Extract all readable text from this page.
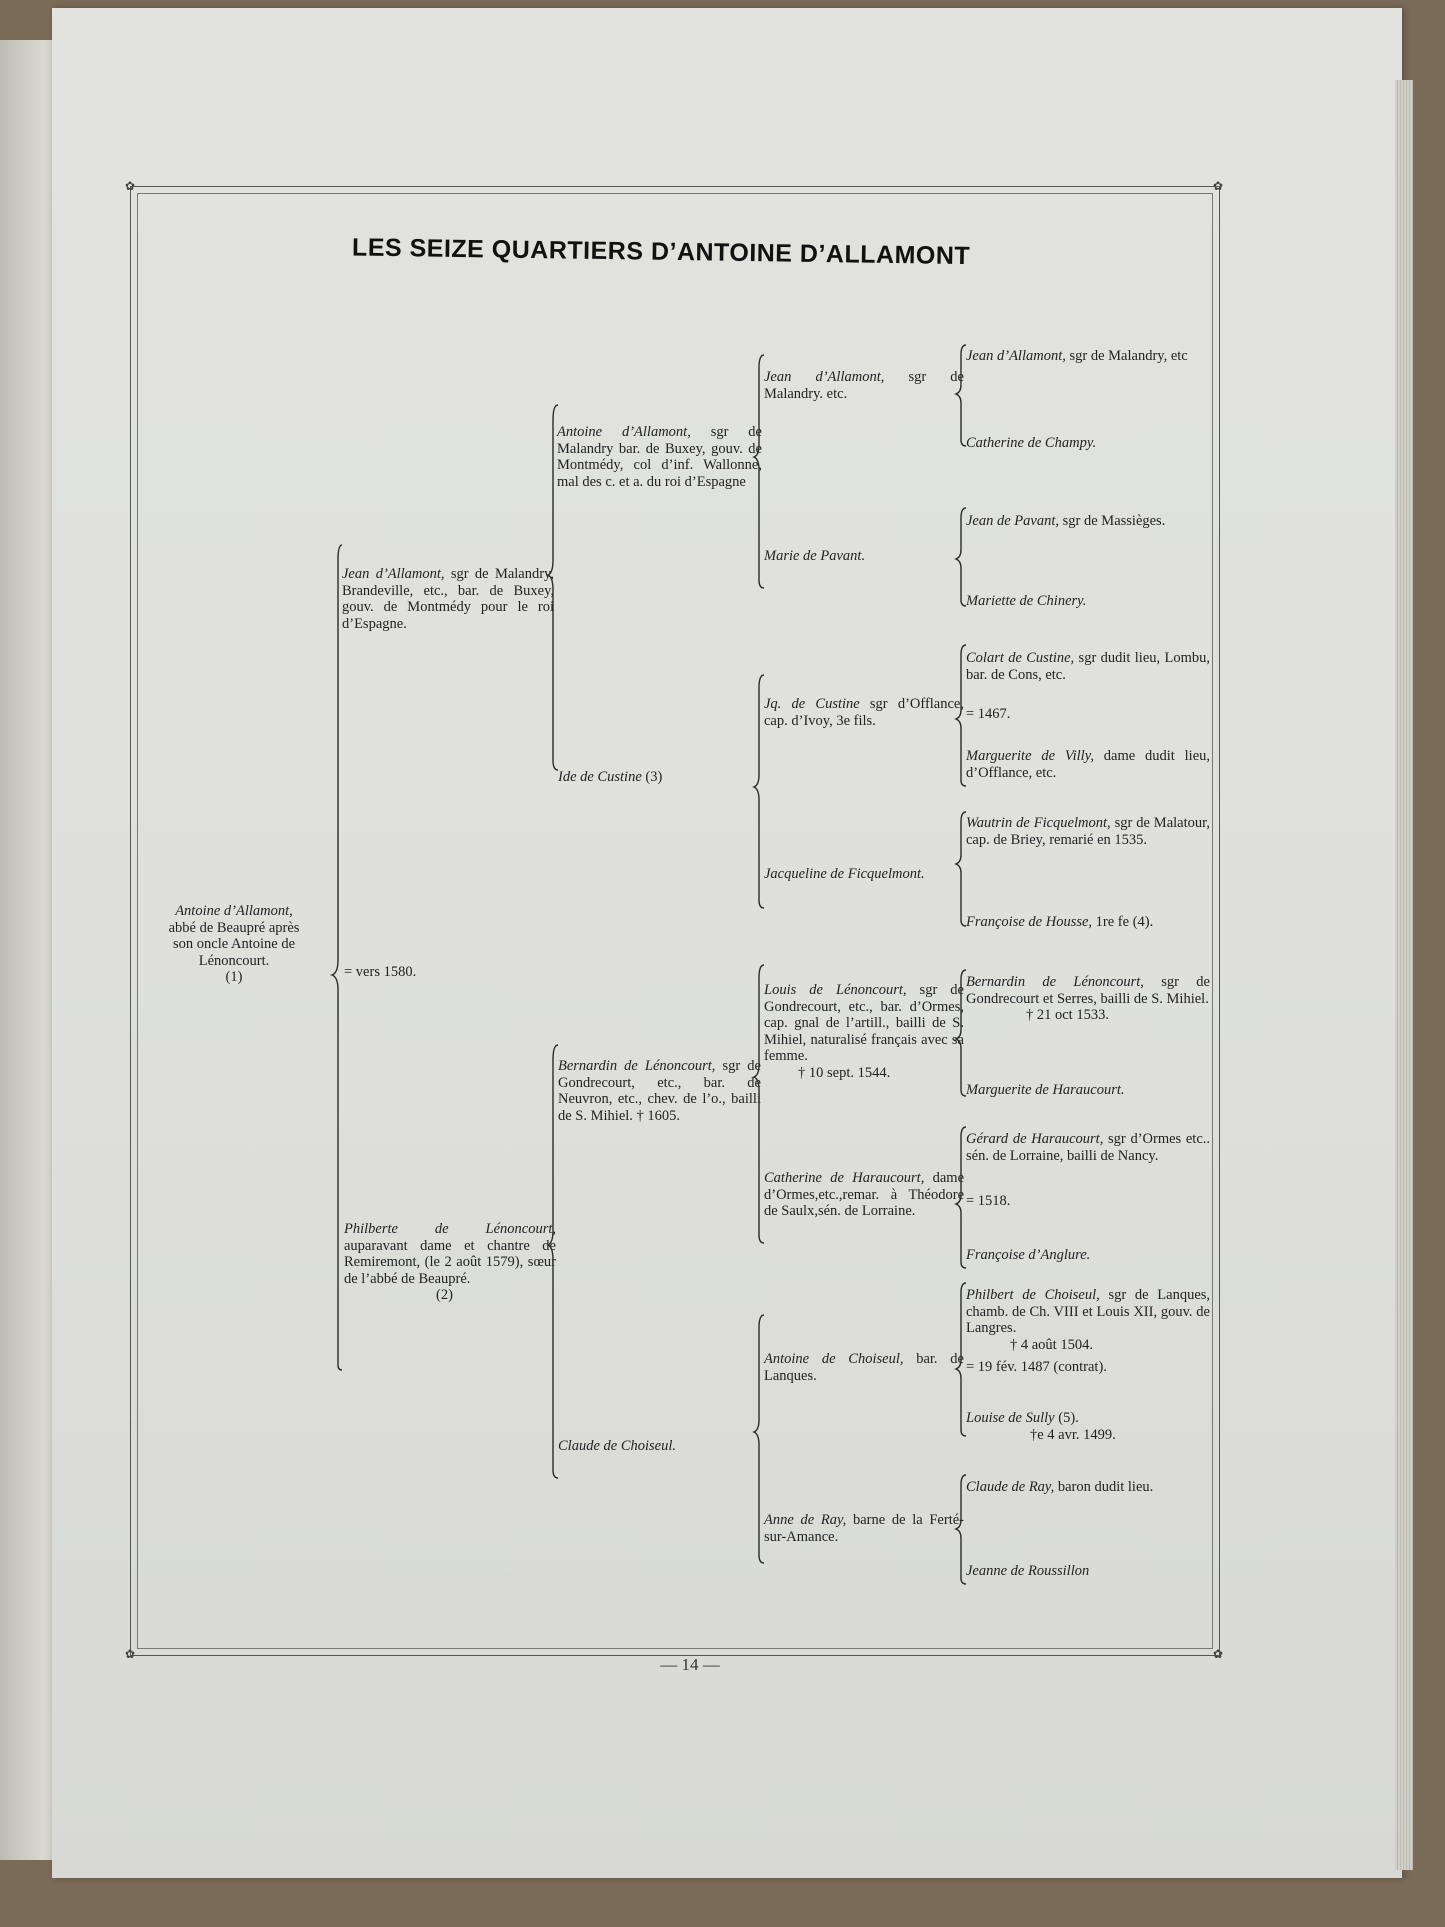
✿	✿
✿	✿
LES SEIZE QUARTIERS D’ANTOINE D’ALLAMONT
Antoine d’Allamont, abbé de Beaupré après son oncle Antoine de Lénoncourt.
(1)
Jean d’Allamont, sgr de Malandry, Brandeville, etc., bar. de Buxey, gouv. de Montmédy pour le roi d’Espagne.
= vers 1580.
Philberte de Lénoncourt, auparavant dame et chantre de Remiremont, (le 2 août 1579), sœur de l’abbé de Beaupré.
(2)
Antoine d’Allamont, sgr de Malandry bar. de Buxey, gouv. de Montmédy, col d’inf. Wallonne, mal des c. et a. du roi d’Espagne
Ide de Custine (3)
Bernardin de Lénoncourt, sgr de Gondrecourt, etc., bar. de Neuvron, etc., chev. de l’o., bailli de S. Mihiel. † 1605.
Claude de Choiseul.
Jean d’Allamont, sgr de Malandry. etc.
Marie de Pavant.
Jq. de Custine sgr d’Offlance, cap. d’Ivoy, 3e fils.
Jacqueline de Ficquelmont.
Louis de Lénoncourt, sgr de Gondrecourt, etc., bar. d’Ormes, cap. gnal de l’artill., bailli de S. Mihiel, naturalisé français avec sa femme.
† 10 sept. 1544.
Catherine de Haraucourt, dame d’Ormes,etc.,remar. à Théodore de Saulx,sén. de Lorraine.
Antoine de Choiseul, bar. de Lanques.
Anne de Ray, barne de la Ferté-sur-Amance.
Jean d’Allamont, sgr de Malandry, etc
Catherine de Champy.
Jean de Pavant, sgr de Massièges.
Mariette de Chinery.
Colart de Custine, sgr dudit lieu, Lombu, bar. de Cons, etc.
= 1467.
Marguerite de Villy, dame dudit lieu, d’Offlance, etc.
Wautrin de Ficquelmont, sgr de Malatour, cap. de Briey, remarié en 1535.
Françoise de Housse, 1re fe (4).
Bernardin de Lénoncourt, sgr de Gondrecourt et Serres, bailli de S. Mihiel.
† 21 oct 1533.
Marguerite de Haraucourt.
Gérard de Haraucourt, sgr d’Ormes etc.. sén. de Lorraine, bailli de Nancy.
= 1518.
Françoise d’Anglure.
Philbert de Choiseul, sgr de Lanques, chamb. de Ch. VIII et Louis XII, gouv. de Langres.
† 4 août 1504.
= 19 fév. 1487 (contrat).
Louise de Sully (5).
†e 4 avr. 1499.
Claude de Ray, baron dudit lieu.
Jeanne de Roussillon
— 14 —
